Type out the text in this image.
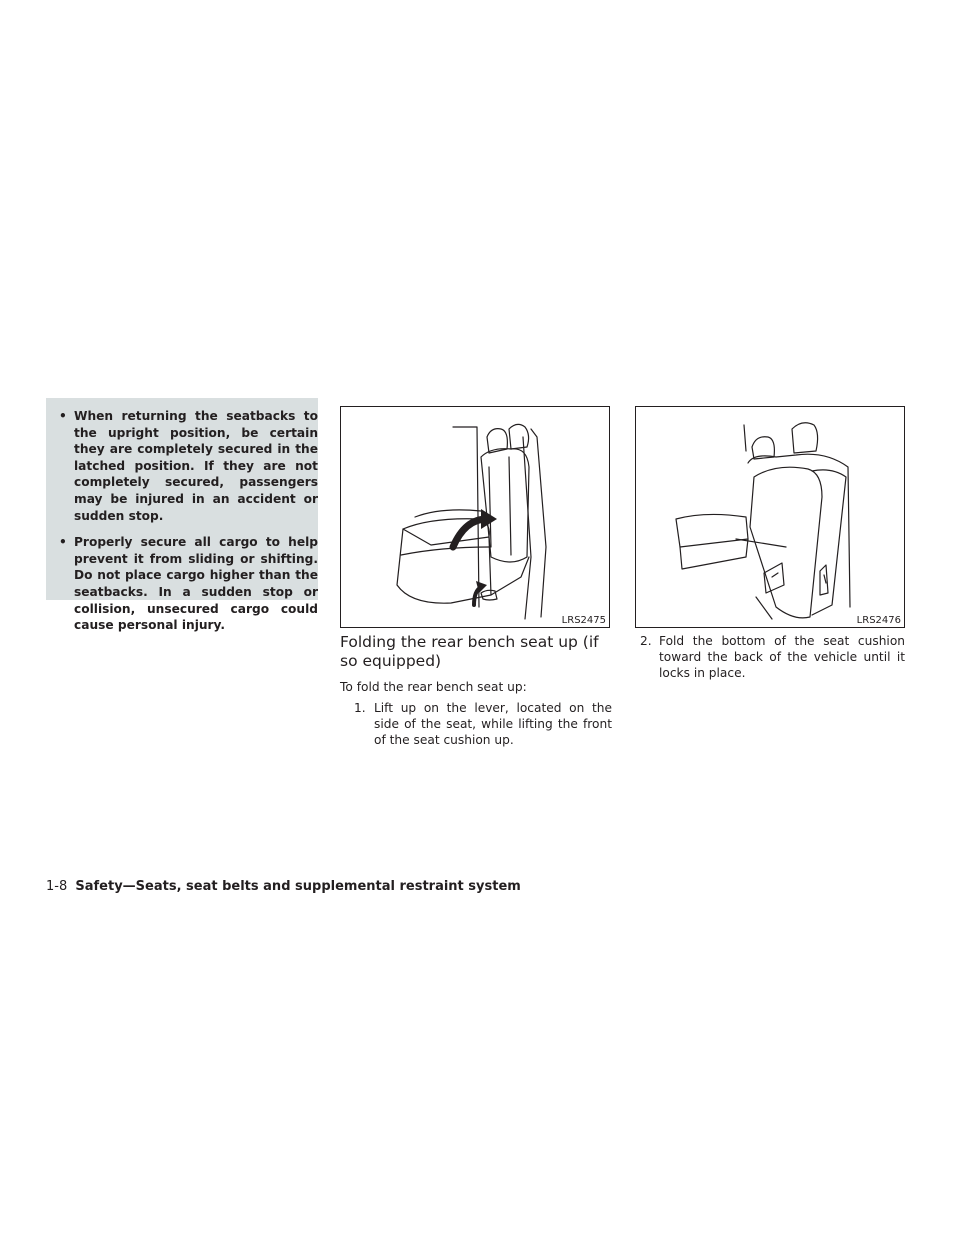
• When returning the seatbacks to the upright position, be certain they are completely secured in the latched position. If they are not completely secured, passengers may be injured in an accident or sudden stop.
• Properly secure all cargo to help prevent it from sliding or shifting. Do not place cargo higher than the seatbacks. In a sudden stop or collision, unsecured cargo could cause personal injury.	LRS2475	LRS2476
Folding the rear bench seat up (if so equipped)

To fold the rear bench seat up:

1. Lift up on the lever, located on the side of the seat, while lifting the front of the seat cushion up.

2. Fold the bottom of the seat cushion toward the back of the vehicle until it locks in place.

1-8 Safety—Seats, seat belts and supplemental restraint system
